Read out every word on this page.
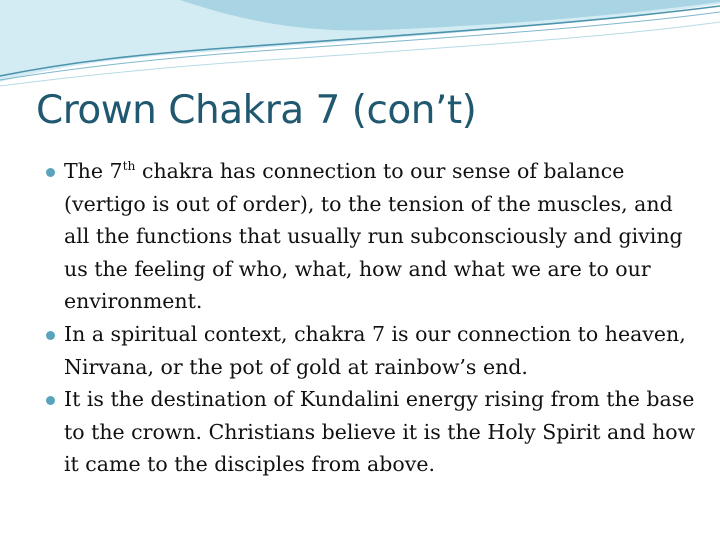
Crown Chakra 7 (con’t)
The 7th chakra has connection to our sense of balance (vertigo is out of order), to the tension of the muscles, and all the functions that usually run subconsciously and giving us the feeling of who, what, how and what we are to our environment.
In a spiritual context, chakra 7 is our connection to heaven, Nirvana, or the pot of gold at rainbow’s end.
It is the destination of Kundalini energy rising from the base to the crown. Christians believe it is the Holy Spirit and how it came to the disciples from above.
